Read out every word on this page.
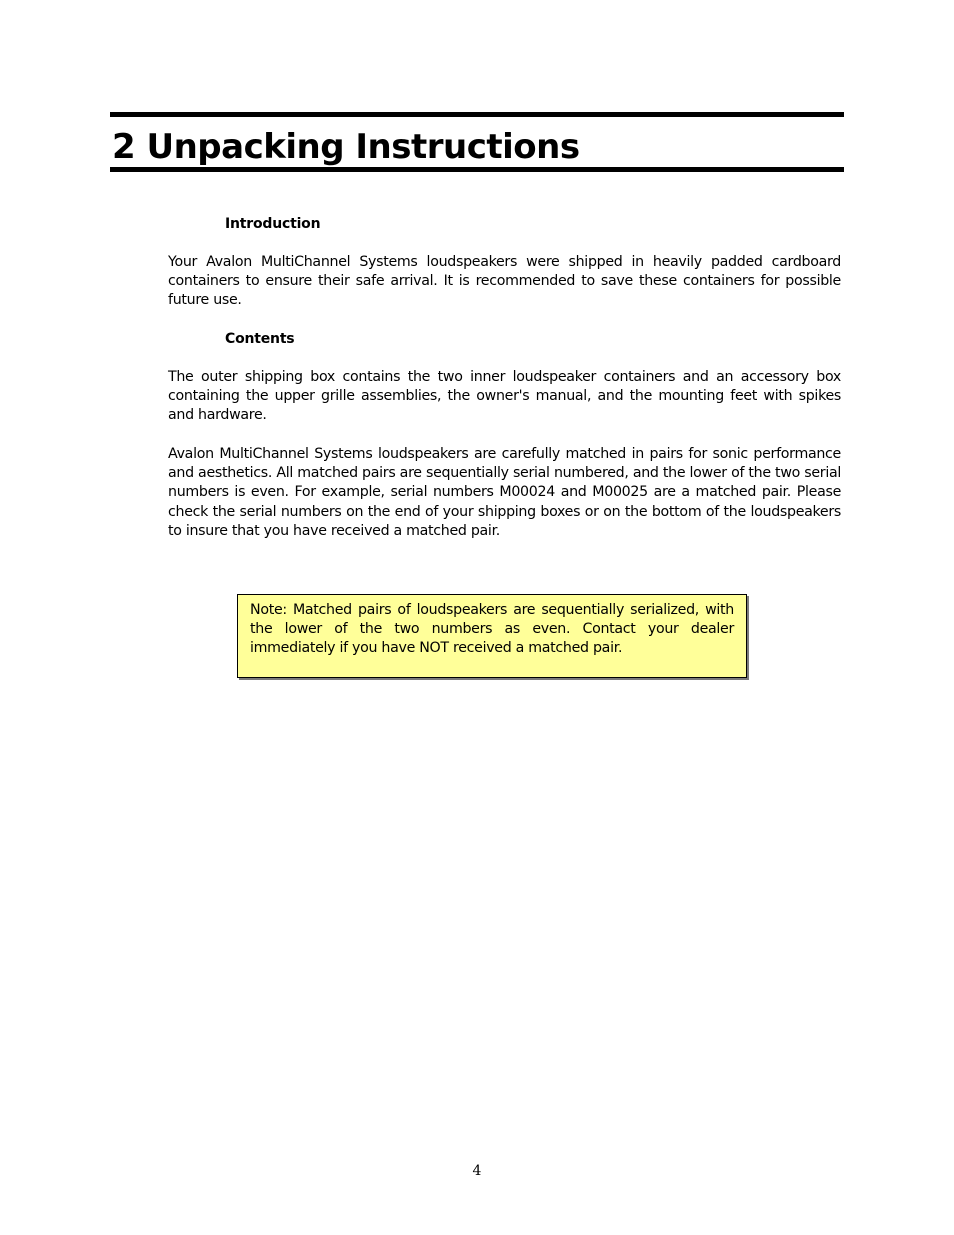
2 Unpacking Instructions
Introduction

Your Avalon MultiChannel Systems loudspeakers were shipped in heavily padded cardboard containers to ensure their safe arrival. It is recommended to save these containers for possible future use.

Contents

The outer shipping box contains the two inner loudspeaker containers and an accessory box containing the upper grille assemblies, the owner's manual, and the mounting feet with spikes and hardware.

Avalon MultiChannel Systems loudspeakers are carefully matched in pairs for sonic performance and aesthetics. All matched pairs are sequentially serial numbered, and the lower of the two serial numbers is even. For example, serial numbers M00024 and M00025 are a matched pair. Please check the serial numbers on the end of your shipping boxes or on the bottom of the loudspeakers to insure that you have received a matched pair.

Note: Matched pairs of loudspeakers are sequentially serialized, with the lower of the two numbers as even. Contact your dealer immediately if you have NOT received a matched pair.

4
